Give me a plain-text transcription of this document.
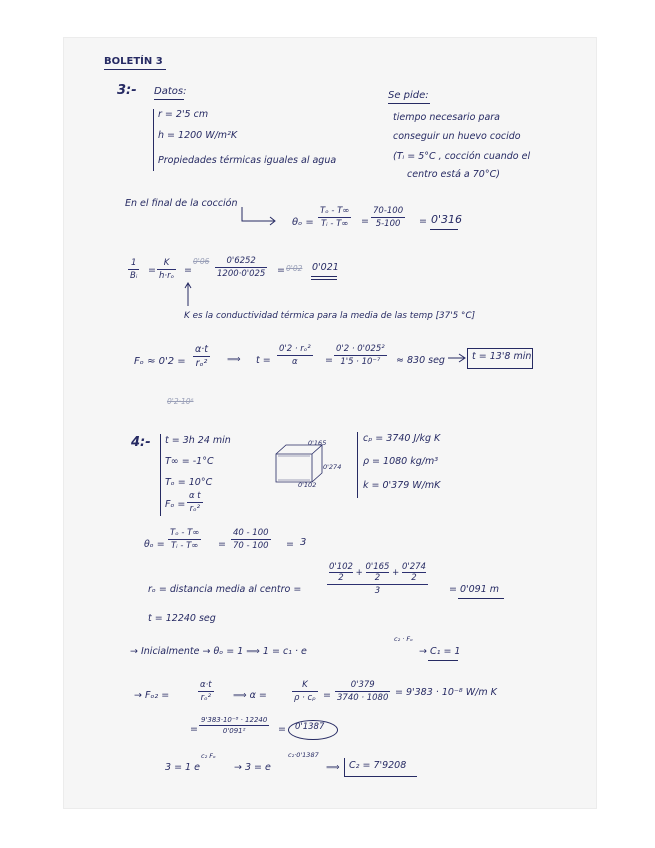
BOLETÍN 3
3:- Datos:
r = 2'5 cm
h = 1200 W/m²K
Propiedades térmicas iguales al agua
Se pide:
tiempo necesario para
conseguir un huevo cocido
(Tᵢ = 5°C , cocción cuando el
centro está a 70°C)
En el final de la cocción
$\theta_o = \frac{\text{Tₒ - T∞}}{\text{Tᵢ - T∞}} = \frac{70-100}{5-100} = 0'316$
$\frac{1}{\text{Bᵢ}} = \frac{K}{\text{h·rₒ}}$ =
$0'06 \frac{0'6252}{1200\cdot 0'025} = 0'02$ 0'021
K es la conductividad térmica para la media de las temp [37'5 °C]
$F_o \approx 0'2 = \frac{\alpha\cdot t}{\text{rₒ²}}$ ⟹ $t = \frac{\text{0'2 · rₒ²}}{\alpha} = \frac{\text{0'2 · 0'025²}}{\text{1'5 · 10⁻⁷}} \approx 830$ seg	t = 13'8 min
0'2·10⁶
4:- t = 3h 24 min
T∞ = -1°C
Tₒ = 10°C
$F_o = \frac{\text{α t}}{\text{rₒ²}}$
0'165
0'274
0'102
cₚ = 3740 J/kg K
ρ = 1080 kg/m³
k = 0'379 W/mK
$\theta_o = \frac{\text{Tₒ - T∞}}{\text{Tᵢ - T∞}} = \frac{40 - 100}{70 - 100} = 3$
rₒ = distancia media al centro =
$\frac{0'102}{2} + \frac{0'165}{2} + \frac{0'274}{2}$
3	= 0'091 m
t = 12240 seg
→ Inicialmente → θₒ = 1 ⟹ 1 = c₁ · e
c₂ · Fₒ
→ C₁ = 1
→ Fₒ₂ =	$\frac{\alpha\cdot t}{\text{rₒ²}}$ ⟹ α =	$\frac{K}{\text{ρ · cₚ}} = \frac{0'379}{3740 \cdot 1080} = 9'383 \cdot 10^{-8}$ W/m K
= $\frac{\text{9'383·10⁻⁸ · 12240}}{\text{0'091²}} = 0'1387$
3 = 1 e
c₂ Fₒ
→ 3 = e
c₂·0'1387
⟹ C₂ = 7'9208
